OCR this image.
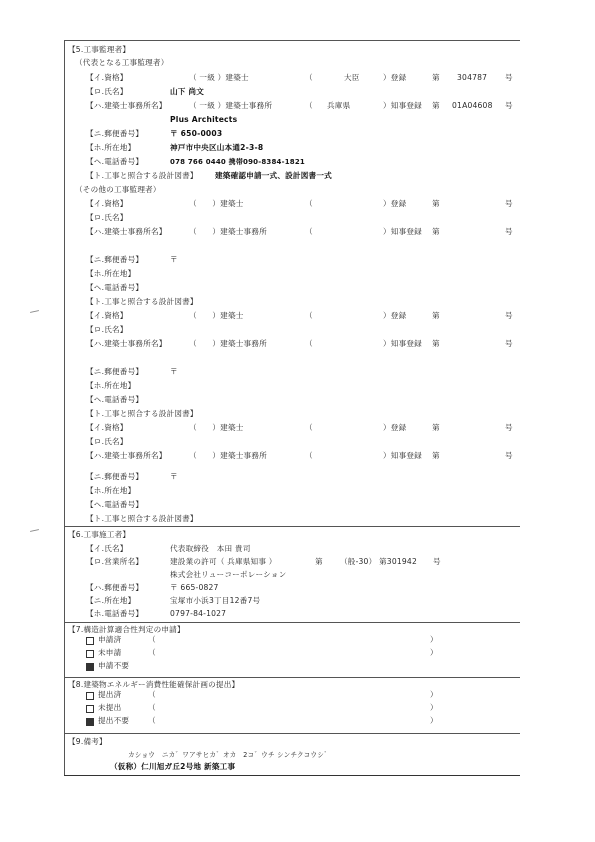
【5.工事監理者】
（代表となる工事監理者）
【イ.資格】	（ 一級 ）建築士	（	大臣	）登録	第 304787 号
【ロ.氏名】	山下 尚文
【ハ.建築士事務所名】	（ 一級 ）建築士事務所	（ 兵庫県	）知事登録 第 01A04608 号
Plus Architects
【ニ.郵便番号】	〒 650-0003
【ホ.所在地】	神戸市中央区山本通2-3-8
【ヘ.電話番号】	078 766 0440 携帯090-8384-1821
【ト.工事と照合する設計図書】 建築確認申請一式、設計図書一式
（その他の工事監理者）
【イ.資格】	（　　）建築士	（	）登録	第	号
【ロ.氏名】
【ハ.建築士事務所名】	（　　）建築士事務所	（	）知事登録 第	号
【ニ.郵便番号】	〒
【ホ.所在地】
【ヘ.電話番号】
【ト.工事と照合する設計図書】
【イ.資格】	（　　）建築士	（	）登録	第	号
【ロ.氏名】
【ハ.建築士事務所名】	（　　）建築士事務所	（	）知事登録 第	号
【ニ.郵便番号】	〒
【ホ.所在地】
【ヘ.電話番号】
【ト.工事と照合する設計図書】
【イ.資格】	（　　）建築士	（	）登録	第	号
【ロ.氏名】
【ハ.建築士事務所名】	（　　）建築士事務所	（	）知事登録 第	号
【ニ.郵便番号】	〒
【ホ.所在地】
【ヘ.電話番号】
【ト.工事と照合する設計図書】
【6.工事施工者】
【イ.氏名】	代表取締役　本田 貴司
【ロ.営業所名】	建設業の許可（ 兵庫県知事 ）	第 （般-30） 第301942 号
株式会社リューコーポレーション
【ハ.郵便番号】	〒 665-0827
【ニ.所在地】	宝塚市小浜3丁目12番7号
【ホ.電話番号】	0797-84-1027
【7.構造計算適合性判定の申請】
申請済	（	）
未申請	（	）
申請不要
【8.建築物エネルギー消費性能確保計画の提出】
提出済	（	）
未提出	（	）
提出不要 （	）
【9.備考】
カショウ　ニカ゛ワアサヒカ゛オカ　2コ゛ウチ シンチクコウシ゛
（仮称）仁川旭ガ丘2号地 新築工事
